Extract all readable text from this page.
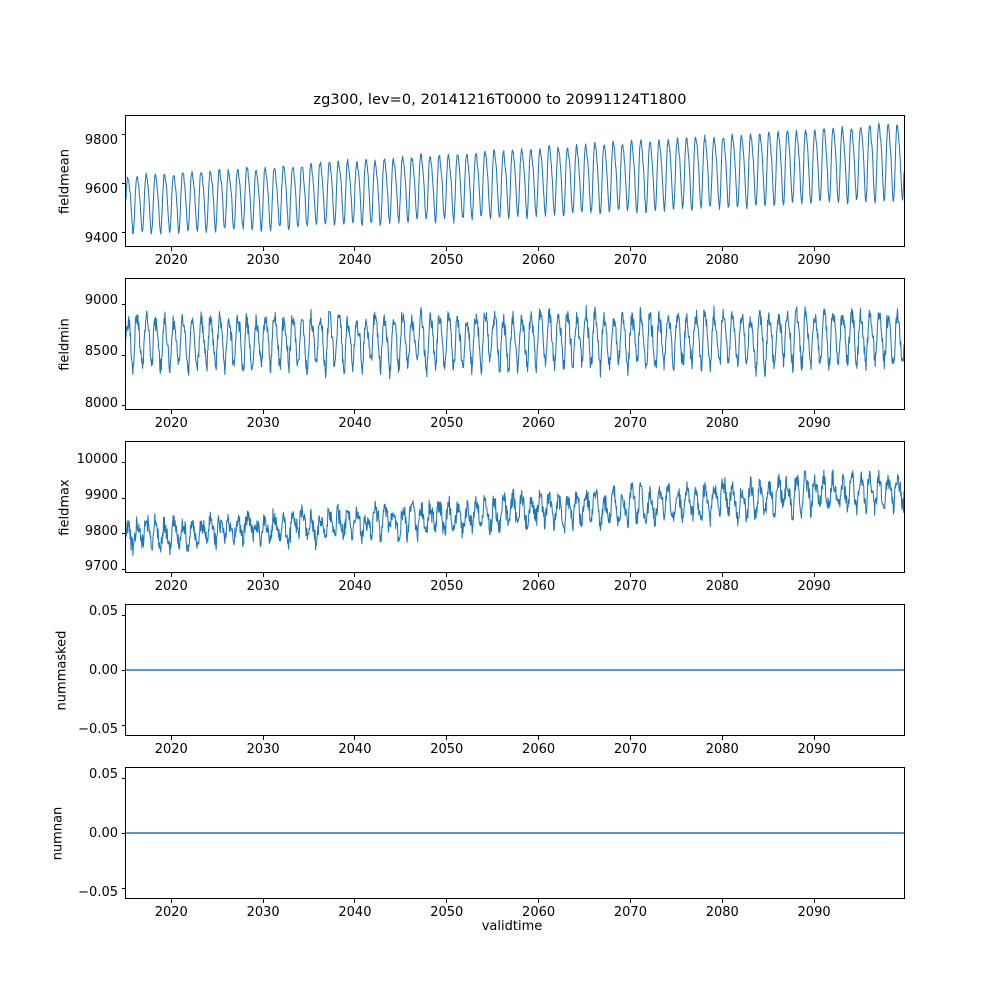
zg300, lev=0, 20141216T0000 to 20991124T1800
fieldmean
9400
9600
9800
fieldmin
8000
8500
9000
fieldmax
9700
9800
9900
10000
nummasked
−0.05
0.00
0.05
numnan
−0.05
0.00
0.05
validtime
2020	2030	2040	2050	2060	2070	2080	2090
2020	2030	2040	2050	2060	2070	2080	2090
2020	2030	2040	2050	2060	2070	2080	2090
2020	2030	2040	2050	2060	2070	2080	2090
2020	2030	2040	2050	2060	2070	2080	2090
